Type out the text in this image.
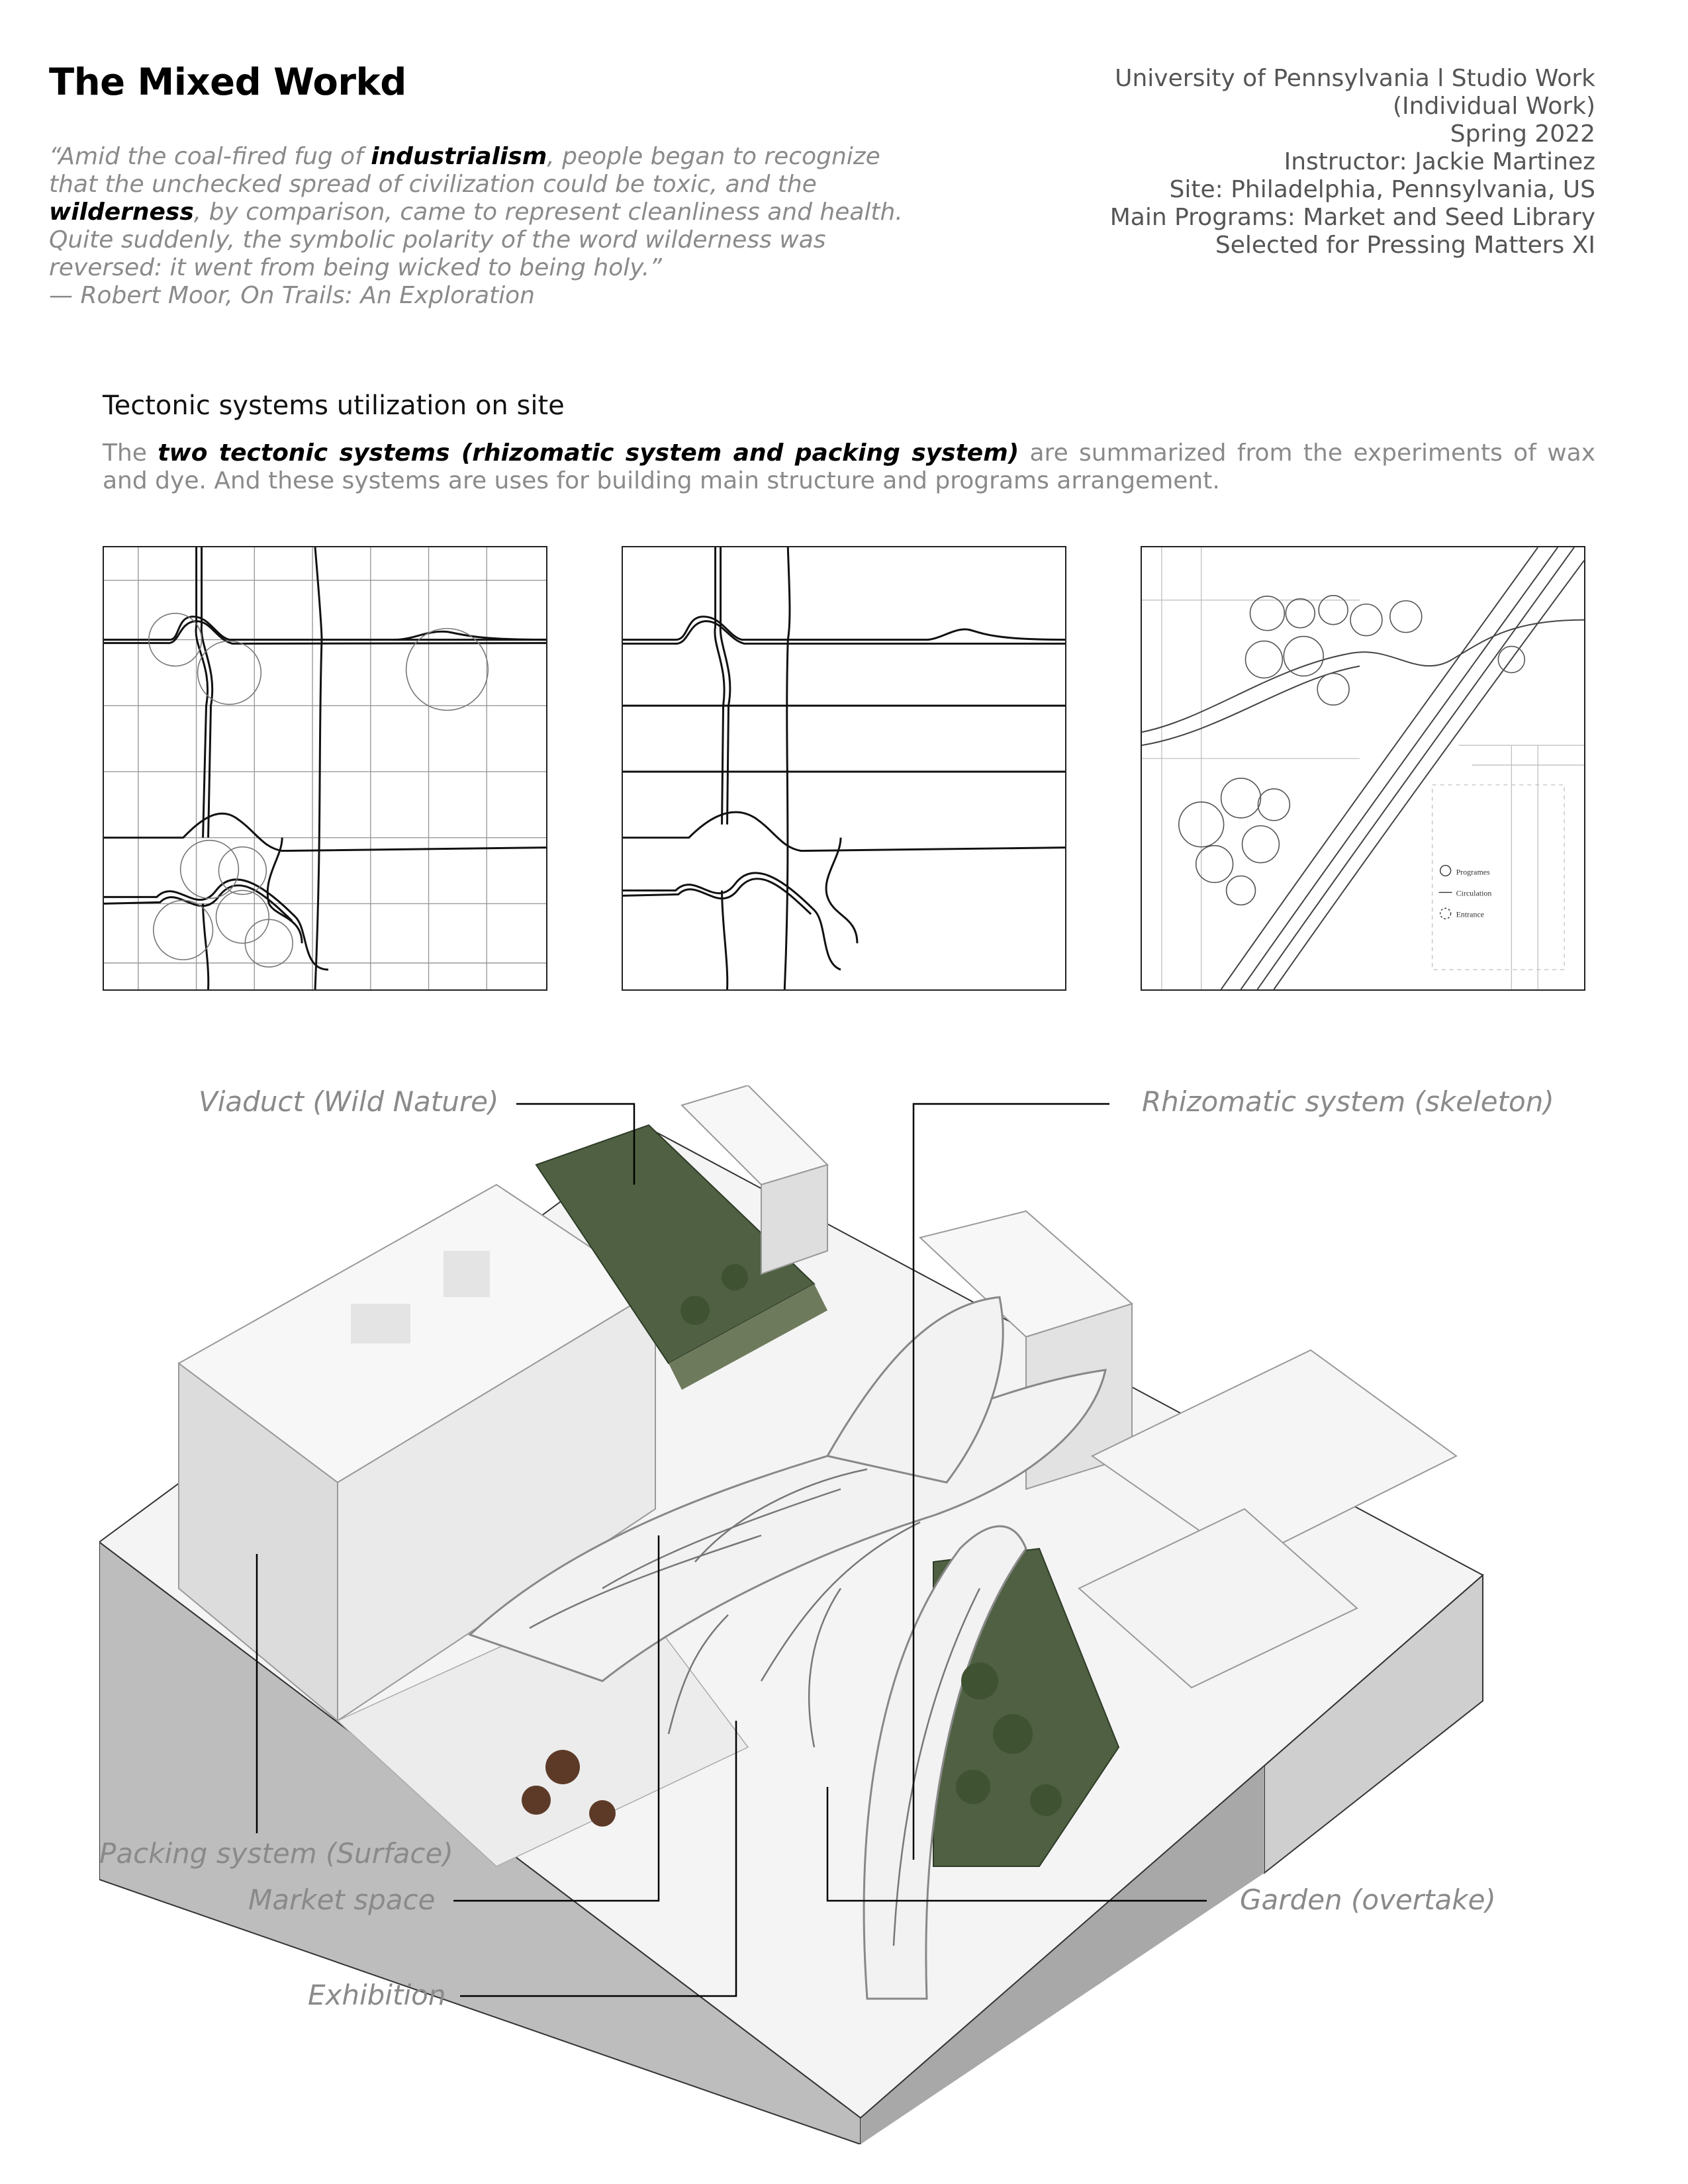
The Mixed Workd
“Amid the coal-fired fug of industrialism, people began to recognize that the unchecked spread of civilization could be toxic, and the wilderness, by comparison, came to represent cleanliness and health. Quite suddenly, the symbolic polarity of the word wilderness was reversed: it went from being wicked to being holy.”
— Robert Moor, On Trails: An Exploration
University of Pennsylvania l Studio Work
(Individual Work)
Spring 2022
Instructor: Jackie Martinez
Site: Philadelphia, Pennsylvania, US
Main Programs: Market and Seed Library
Selected for Pressing Matters XI
Tectonic systems utilization on site
The two tectonic systems (rhizomatic system and packing system) are summarized from the experiments of wax and dye. And these systems are uses for building main structure and programs arrangement.
Programes
Circulation
Entrance
Viaduct (Wild Nature)	Rhizomatic system (skeleton)
Packing system (Surface)
Market space	Garden (overtake)
Exhibition
